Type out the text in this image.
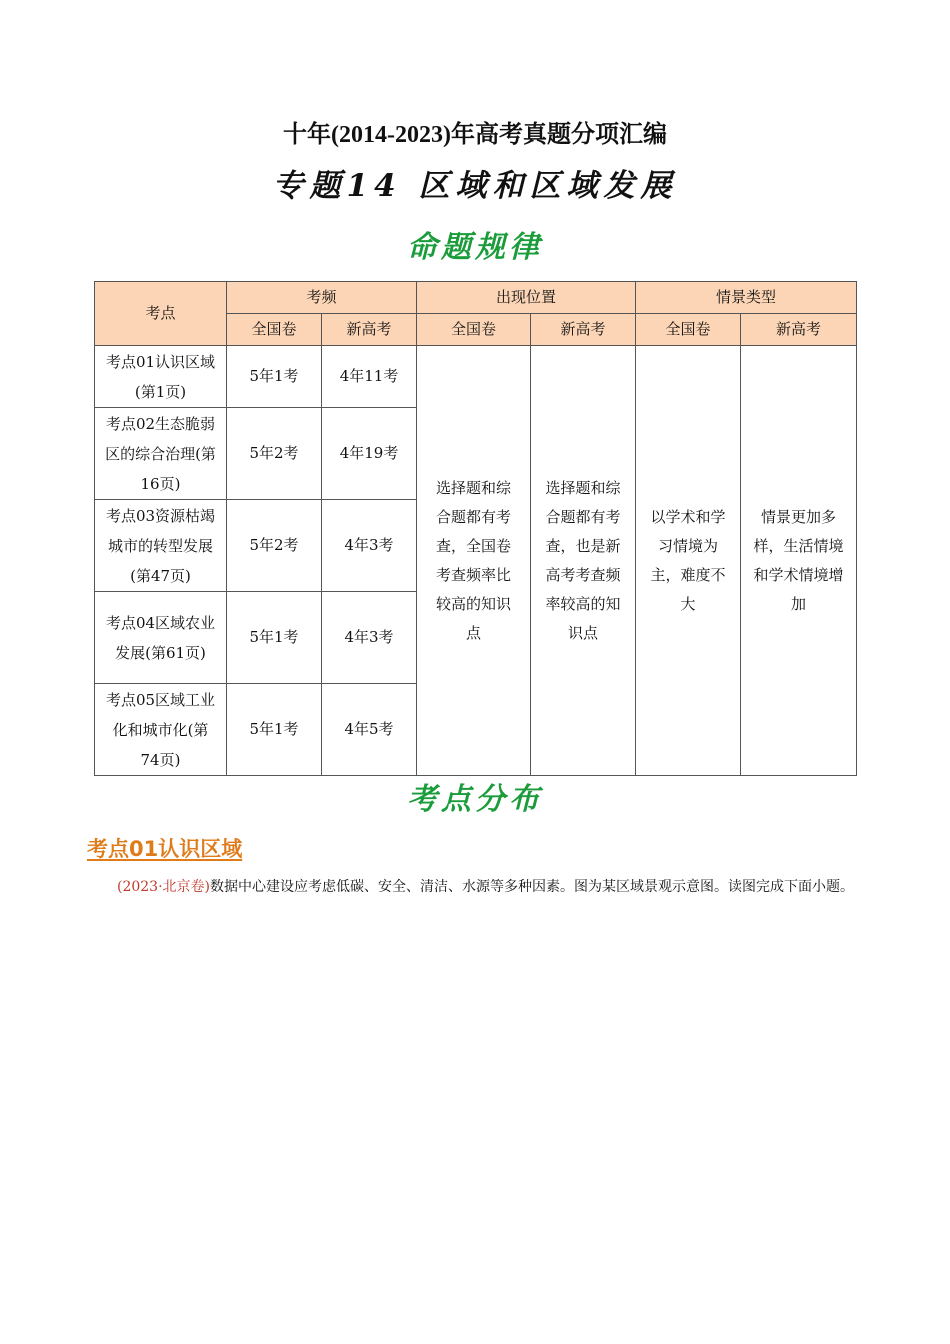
十年(2014-2023)年高考真题分项汇编
专题14 区域和区域发展
命题规律
考点	考频		出现位置		情景类型	
	全国卷	新高考	全国卷	新高考	全国卷	新高考
考点01认识区域(第1页)	5年1考	4年11考	选择题和综合题都有考查，全国卷考查频率比较高的知识点	选择题和综合题都有考查，也是新高考考查频率较高的知识点	以学术和学习情境为主，难度不大	情景更加多样，生活情境和学术情境增加
考点02生态脆弱区的综合治理(第16页)	5年2考	4年19考				
考点03资源枯竭城市的转型发展(第47页)	5年2考	4年3考				
考点04区域农业发展(第61页)	5年1考	4年3考				
考点05区域工业化和城市化(第74页)	5年1考	4年5考				
考点分布
考点01认识区域
(2023·北京卷)数据中心建设应考虑低碳、安全、清洁、水源等多种因素。图为某区域景观示意图。读图完成下面小题。
